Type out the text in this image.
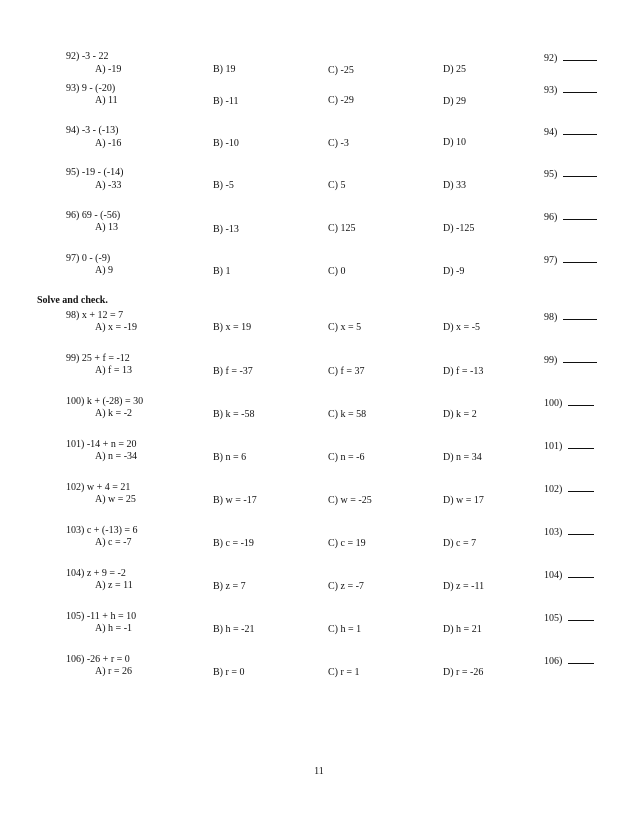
Solve and check.
92) -3 - 22
A) -19	B) 19	C) -25	D) 25
92)
93) 9 - (-20)
A) 11	B) -11	C) -29	D) 29
93)
94) -3 - (-13)
A) -16	B) -10	C) -3	D) 10
94)
95) -19 - (-14)
A) -33	B) -5	C) 5	D) 33
95)
96) 69 - (-56)
A) 13	B) -13	C) 125	D) -125
96)
97) 0 - (-9)
A) 9	B) 1	C) 0	D) -9
97)
98) x + 12 = 7
A) x = -19	B) x = 19	C) x = 5	D) x = -5
98)
99) 25 + f = -12
A) f = 13	B) f = -37	C) f = 37	D) f = -13
99)
100) k + (-28) = 30
A) k = -2	B) k = -58	C) k = 58	D) k = 2
100)
101) -14 + n = 20
A) n = -34	B) n = 6	C) n = -6	D) n = 34
101)
102) w + 4 = 21
A) w = 25	B) w = -17	C) w = -25	D) w = 17
102)
103) c + (-13) = 6
A) c = -7	B) c = -19	C) c = 19	D) c = 7
103)
104) z + 9 = -2
A) z = 11	B) z = 7	C) z = -7	D) z = -11
104)
105) -11 + h = 10
A) h = -1	B) h = -21	C) h = 1	D) h = 21
105)
106) -26 + r = 0
A) r = 26	B) r = 0	C) r = 1	D) r = -26
106)
11
